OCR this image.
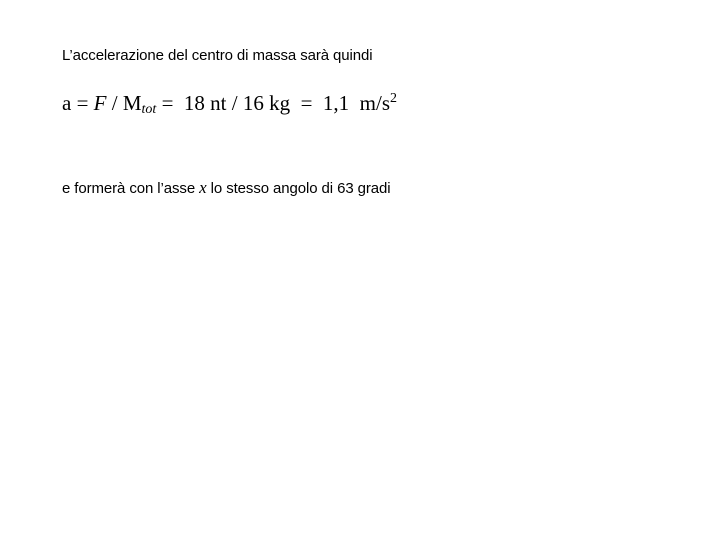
L’accelerazione del centro di massa sarà quindi
$a = F / M_{tot} = 18$ nt / 16 kg  =  1,1  $m/s^2$
e formerà con l’asse x lo stesso angolo di 63 gradi
